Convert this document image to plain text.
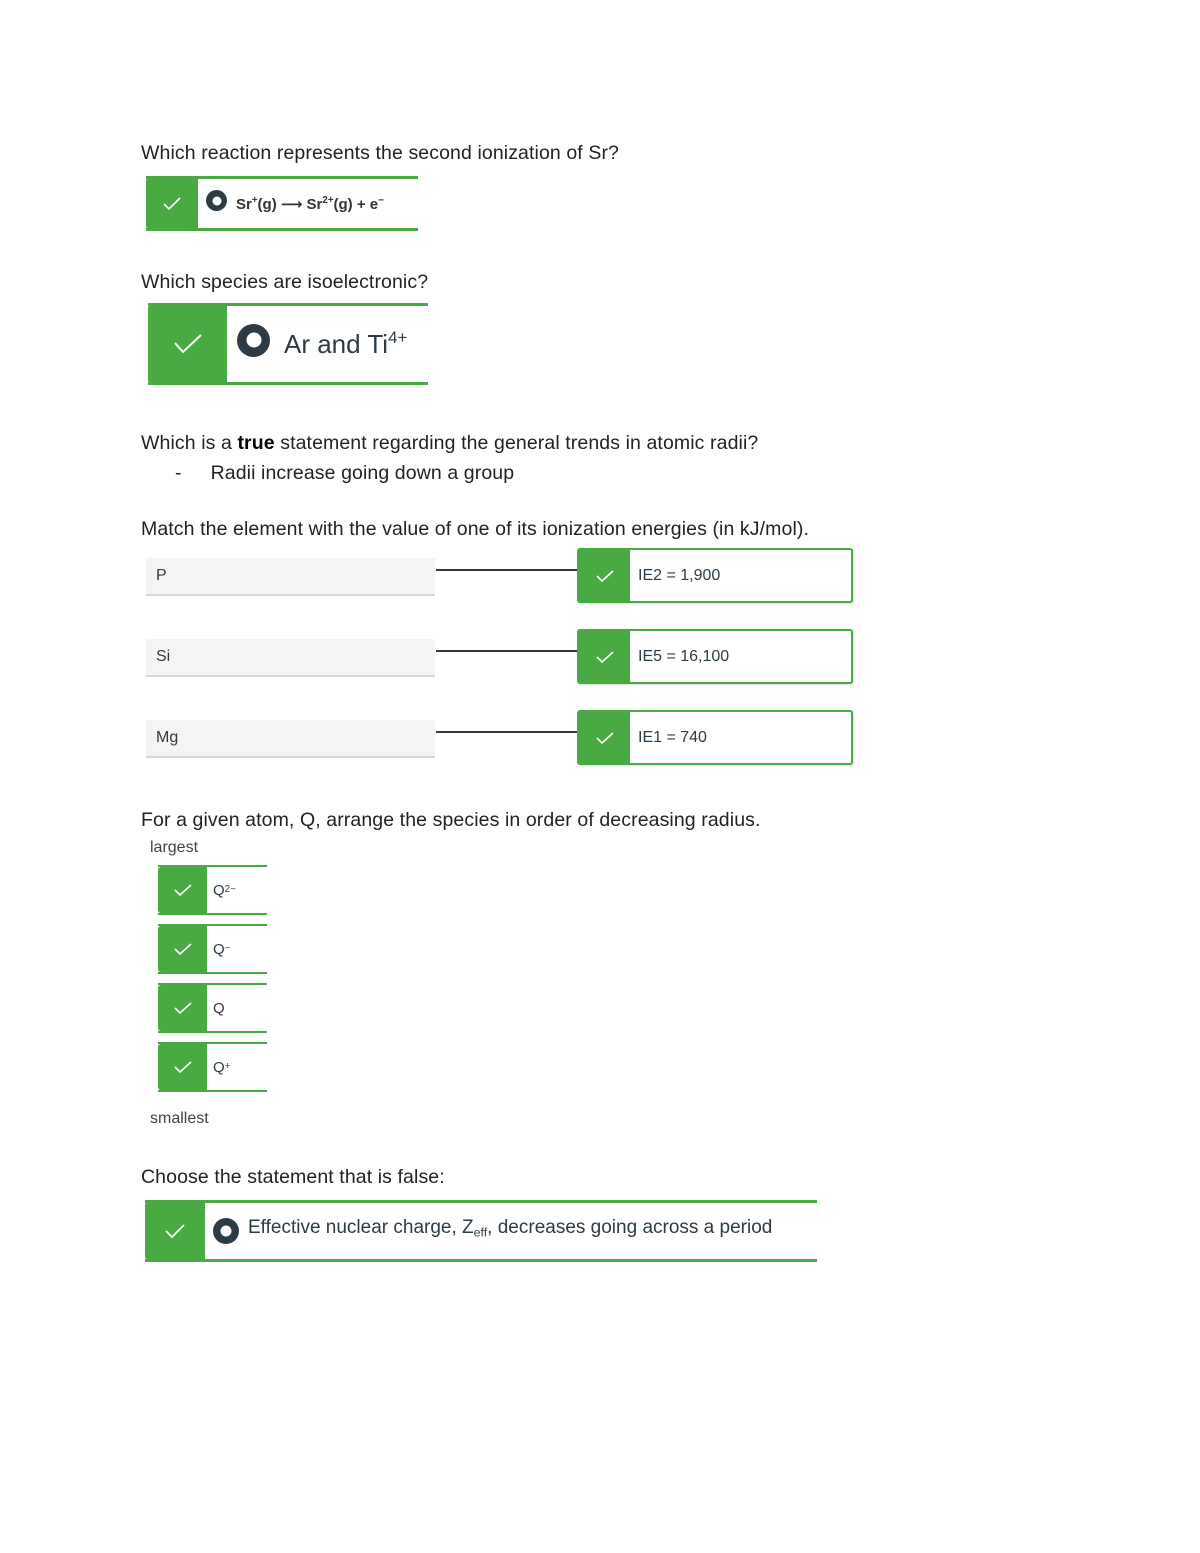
Which reaction represents the second ionization of Sr?

Sr+(g) ⟶ $Sr^{2+}(g) + e^-$

Which species are isoelectronic?

Ar and $Ti^{4+}$

Which is a true statement regarding the general trends in atomic radii?

- Radii increase going down a group

Match the element with the value of one of its ionization energies (in kJ/mol).

P	IE2 = 1,900
Si	IE5 = 16,100
Mg	IE1 = 740

For a given atom, Q, arrange the species in order of decreasing radius.

largest
Q 2−
Q −
Q
Q +
smallest

Choose the statement that is false:

Effective nuclear charge, $Z_{eff}$, decreases going across a period
